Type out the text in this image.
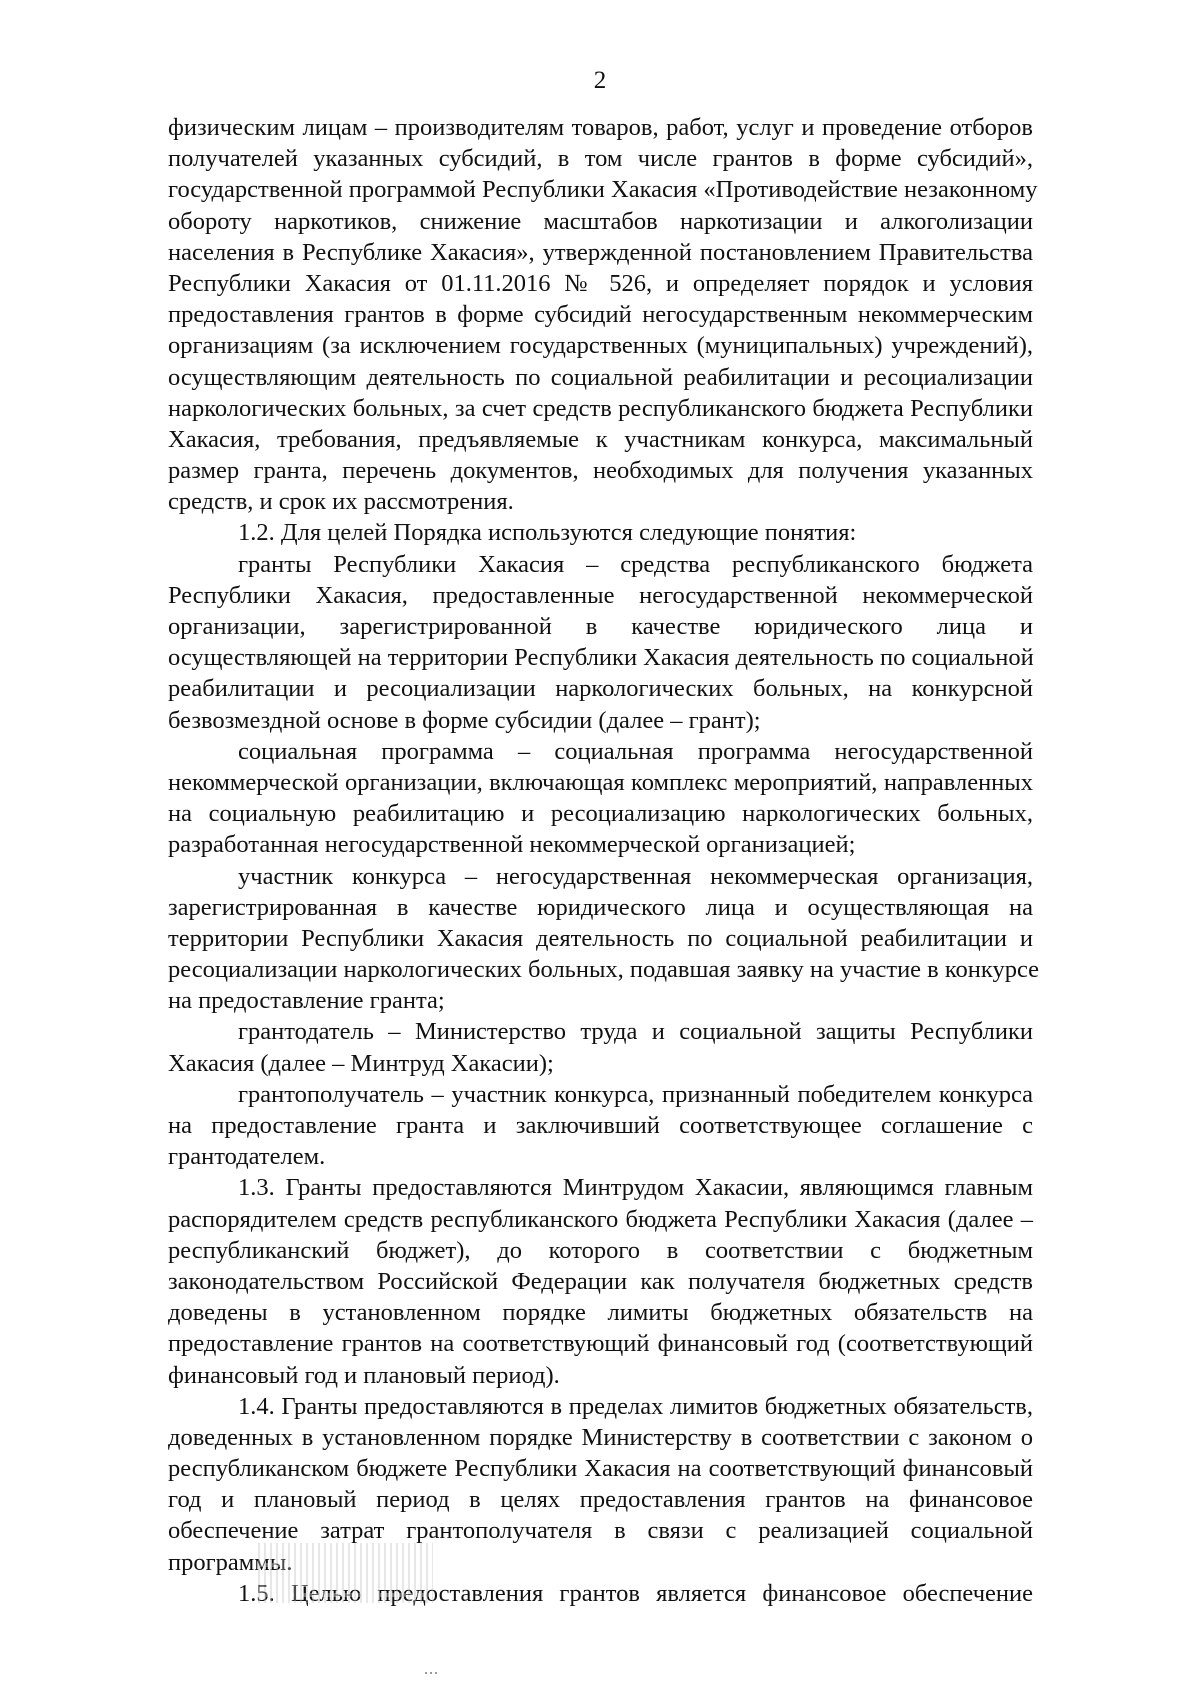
2
физическим лицам – производителям товаров, работ, услуг и проведение отборов
получателей указанных субсидий, в том числе грантов в форме субсидий»,
государственной программой Республики Хакасия «Противодействие незаконному
обороту наркотиков, снижение масштабов наркотизации и алкоголизации
населения в Республике Хакасия», утвержденной постановлением Правительства
Республики Хакасия от 01.11.2016 № 526, и определяет порядок и условия
предоставления грантов в форме субсидий негосударственным некоммерческим
организациям (за исключением государственных (муниципальных) учреждений),
осуществляющим деятельность по социальной реабилитации и ресоциализации
наркологических больных, за счет средств республиканского бюджета Республики
Хакасия, требования, предъявляемые к участникам конкурса, максимальный
размер гранта, перечень документов, необходимых для получения указанных
средств, и срок их рассмотрения.
1.2. Для целей Порядка используются следующие понятия:
гранты Республики Хакасия – средства республиканского бюджета
Республики Хакасия, предоставленные негосударственной некоммерческой
организации, зарегистрированной в качестве юридического лица и
осуществляющей на территории Республики Хакасия деятельность по социальной
реабилитации и ресоциализации наркологических больных, на конкурсной
безвозмездной основе в форме субсидии (далее – грант);
социальная программа – социальная программа негосударственной
некоммерческой организации, включающая комплекс мероприятий, направленных
на социальную реабилитацию и ресоциализацию наркологических больных,
разработанная негосударственной некоммерческой организацией;
участник конкурса – негосударственная некоммерческая организация,
зарегистрированная в качестве юридического лица и осуществляющая на
территории Республики Хакасия деятельность по социальной реабилитации и
ресоциализации наркологических больных, подавшая заявку на участие в конкурсе
на предоставление гранта;
грантодатель – Министерство труда и социальной защиты Республики
Хакасия (далее – Минтруд Хакасии);
грантополучатель – участник конкурса, признанный победителем конкурса
на предоставление гранта и заключивший соответствующее соглашение с
грантодателем.
1.3. Гранты предоставляются Минтрудом Хакасии, являющимся главным
распорядителем средств республиканского бюджета Республики Хакасия (далее –
республиканский бюджет), до которого в соответствии с бюджетным
законодательством Российской Федерации как получателя бюджетных средств
доведены в установленном порядке лимиты бюджетных обязательств на
предоставление грантов на соответствующий финансовый год (соответствующий
финансовый год и плановый период).
1.4. Гранты предоставляются в пределах лимитов бюджетных обязательств,
доведенных в установленном порядке Министерству в соответствии с законом о
республиканском бюджете Республики Хакасия на соответствующий финансовый
год и плановый период в целях предоставления грантов на финансовое
обеспечение затрат грантополучателя в связи с реализацией социальной
программы.
1.5. Целью предоставления грантов является финансовое обеспечение
